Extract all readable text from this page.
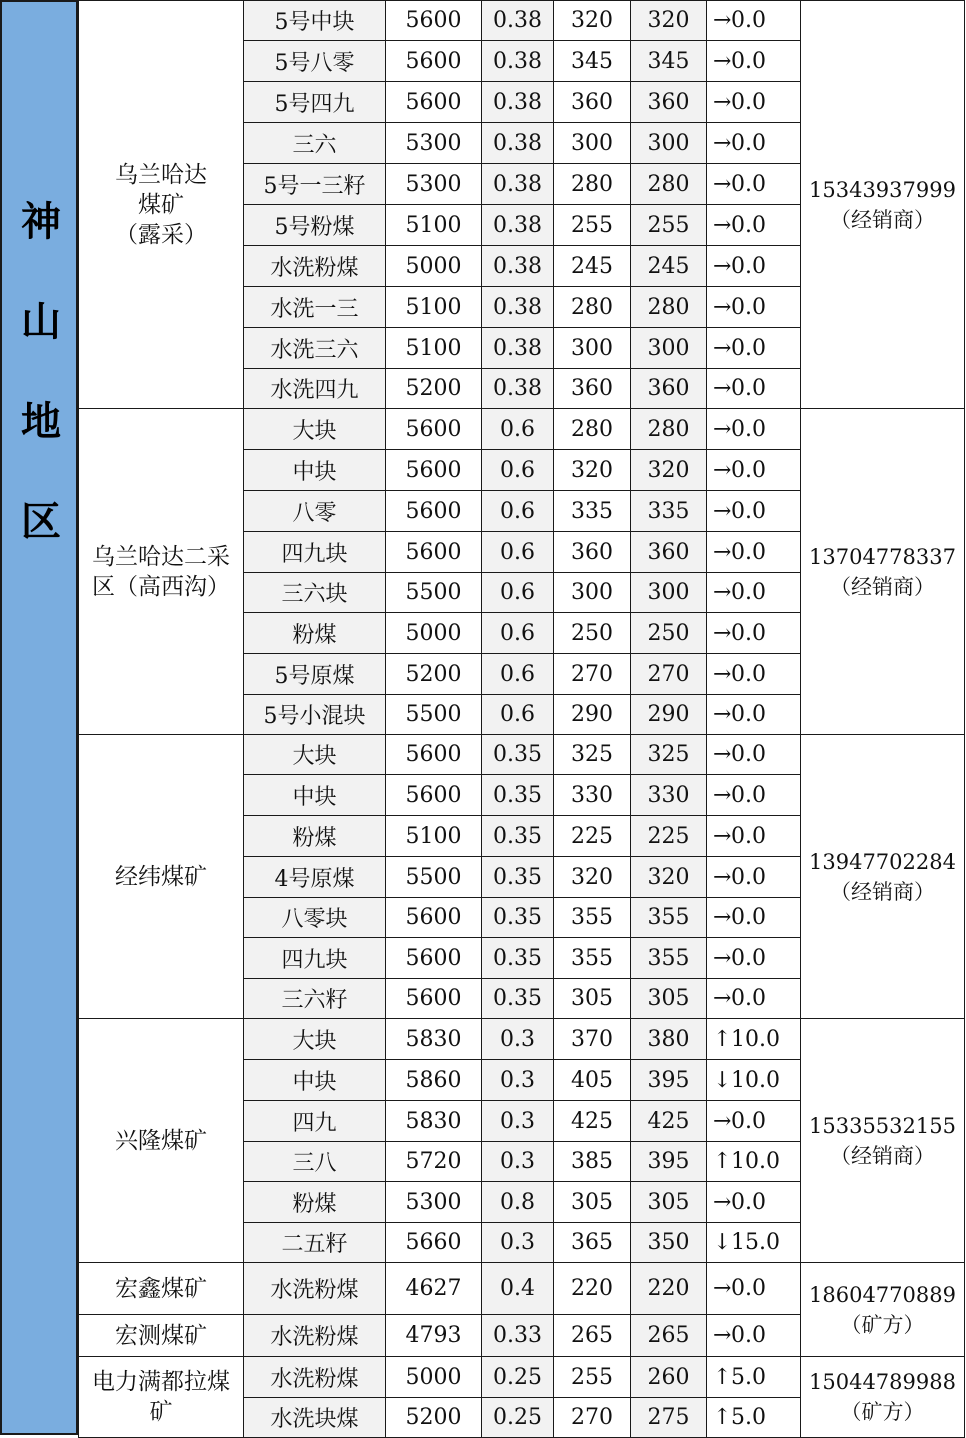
神
山
地
区
乌兰哈达
煤矿
（露采）	5号中块	5600	0.38	320	320	→0.0	15343937999
（经销商）
	5号八零	5600	0.38	345	345	→0.0	
	5号四九	5600	0.38	360	360	→0.0	
	三六	5300	0.38	300	300	→0.0	
	5号一三籽	5300	0.38	280	280	→0.0	
	5号粉煤	5100	0.38	255	255	→0.0	
	水洗粉煤	5000	0.38	245	245	→0.0	
	水洗一三	5100	0.38	280	280	→0.0	
	水洗三六	5100	0.38	300	300	→0.0	
	水洗四九	5200	0.38	360	360	→0.0	
乌兰哈达二采
区（高西沟）	大块	5600	0.6	280	280	→0.0	13704778337
（经销商）
	中块	5600	0.6	320	320	→0.0	
	八零	5600	0.6	335	335	→0.0	
	四九块	5600	0.6	360	360	→0.0	
	三六块	5500	0.6	300	300	→0.0	
	粉煤	5000	0.6	250	250	→0.0	
	5号原煤	5200	0.6	270	270	→0.0	
	5号小混块	5500	0.6	290	290	→0.0	
经纬煤矿	大块	5600	0.35	325	325	→0.0	13947702284
（经销商）
	中块	5600	0.35	330	330	→0.0	
	粉煤	5100	0.35	225	225	→0.0	
	4号原煤	5500	0.35	320	320	→0.0	
	八零块	5600	0.35	355	355	→0.0	
	四九块	5600	0.35	355	355	→0.0	
	三六籽	5600	0.35	305	305	→0.0	
兴隆煤矿	大块	5830	0.3	370	380	↑10.0	15335532155
（经销商）
	中块	5860	0.3	405	395	↓10.0	
	四九	5830	0.3	425	425	→0.0	
	三八	5720	0.3	385	395	↑10.0	
	粉煤	5300	0.8	305	305	→0.0	
	二五籽	5660	0.3	365	350	↓15.0	
宏鑫煤矿	水洗粉煤	4627	0.4	220	220	→0.0	18604770889
（矿方）
宏测煤矿	水洗粉煤	4793	0.33	265	265	→0.0	
电力满都拉煤
矿	水洗粉煤	5000	0.25	255	260	↑5.0	15044789988
（矿方）
	水洗块煤	5200	0.25	270	275	↑5.0	
